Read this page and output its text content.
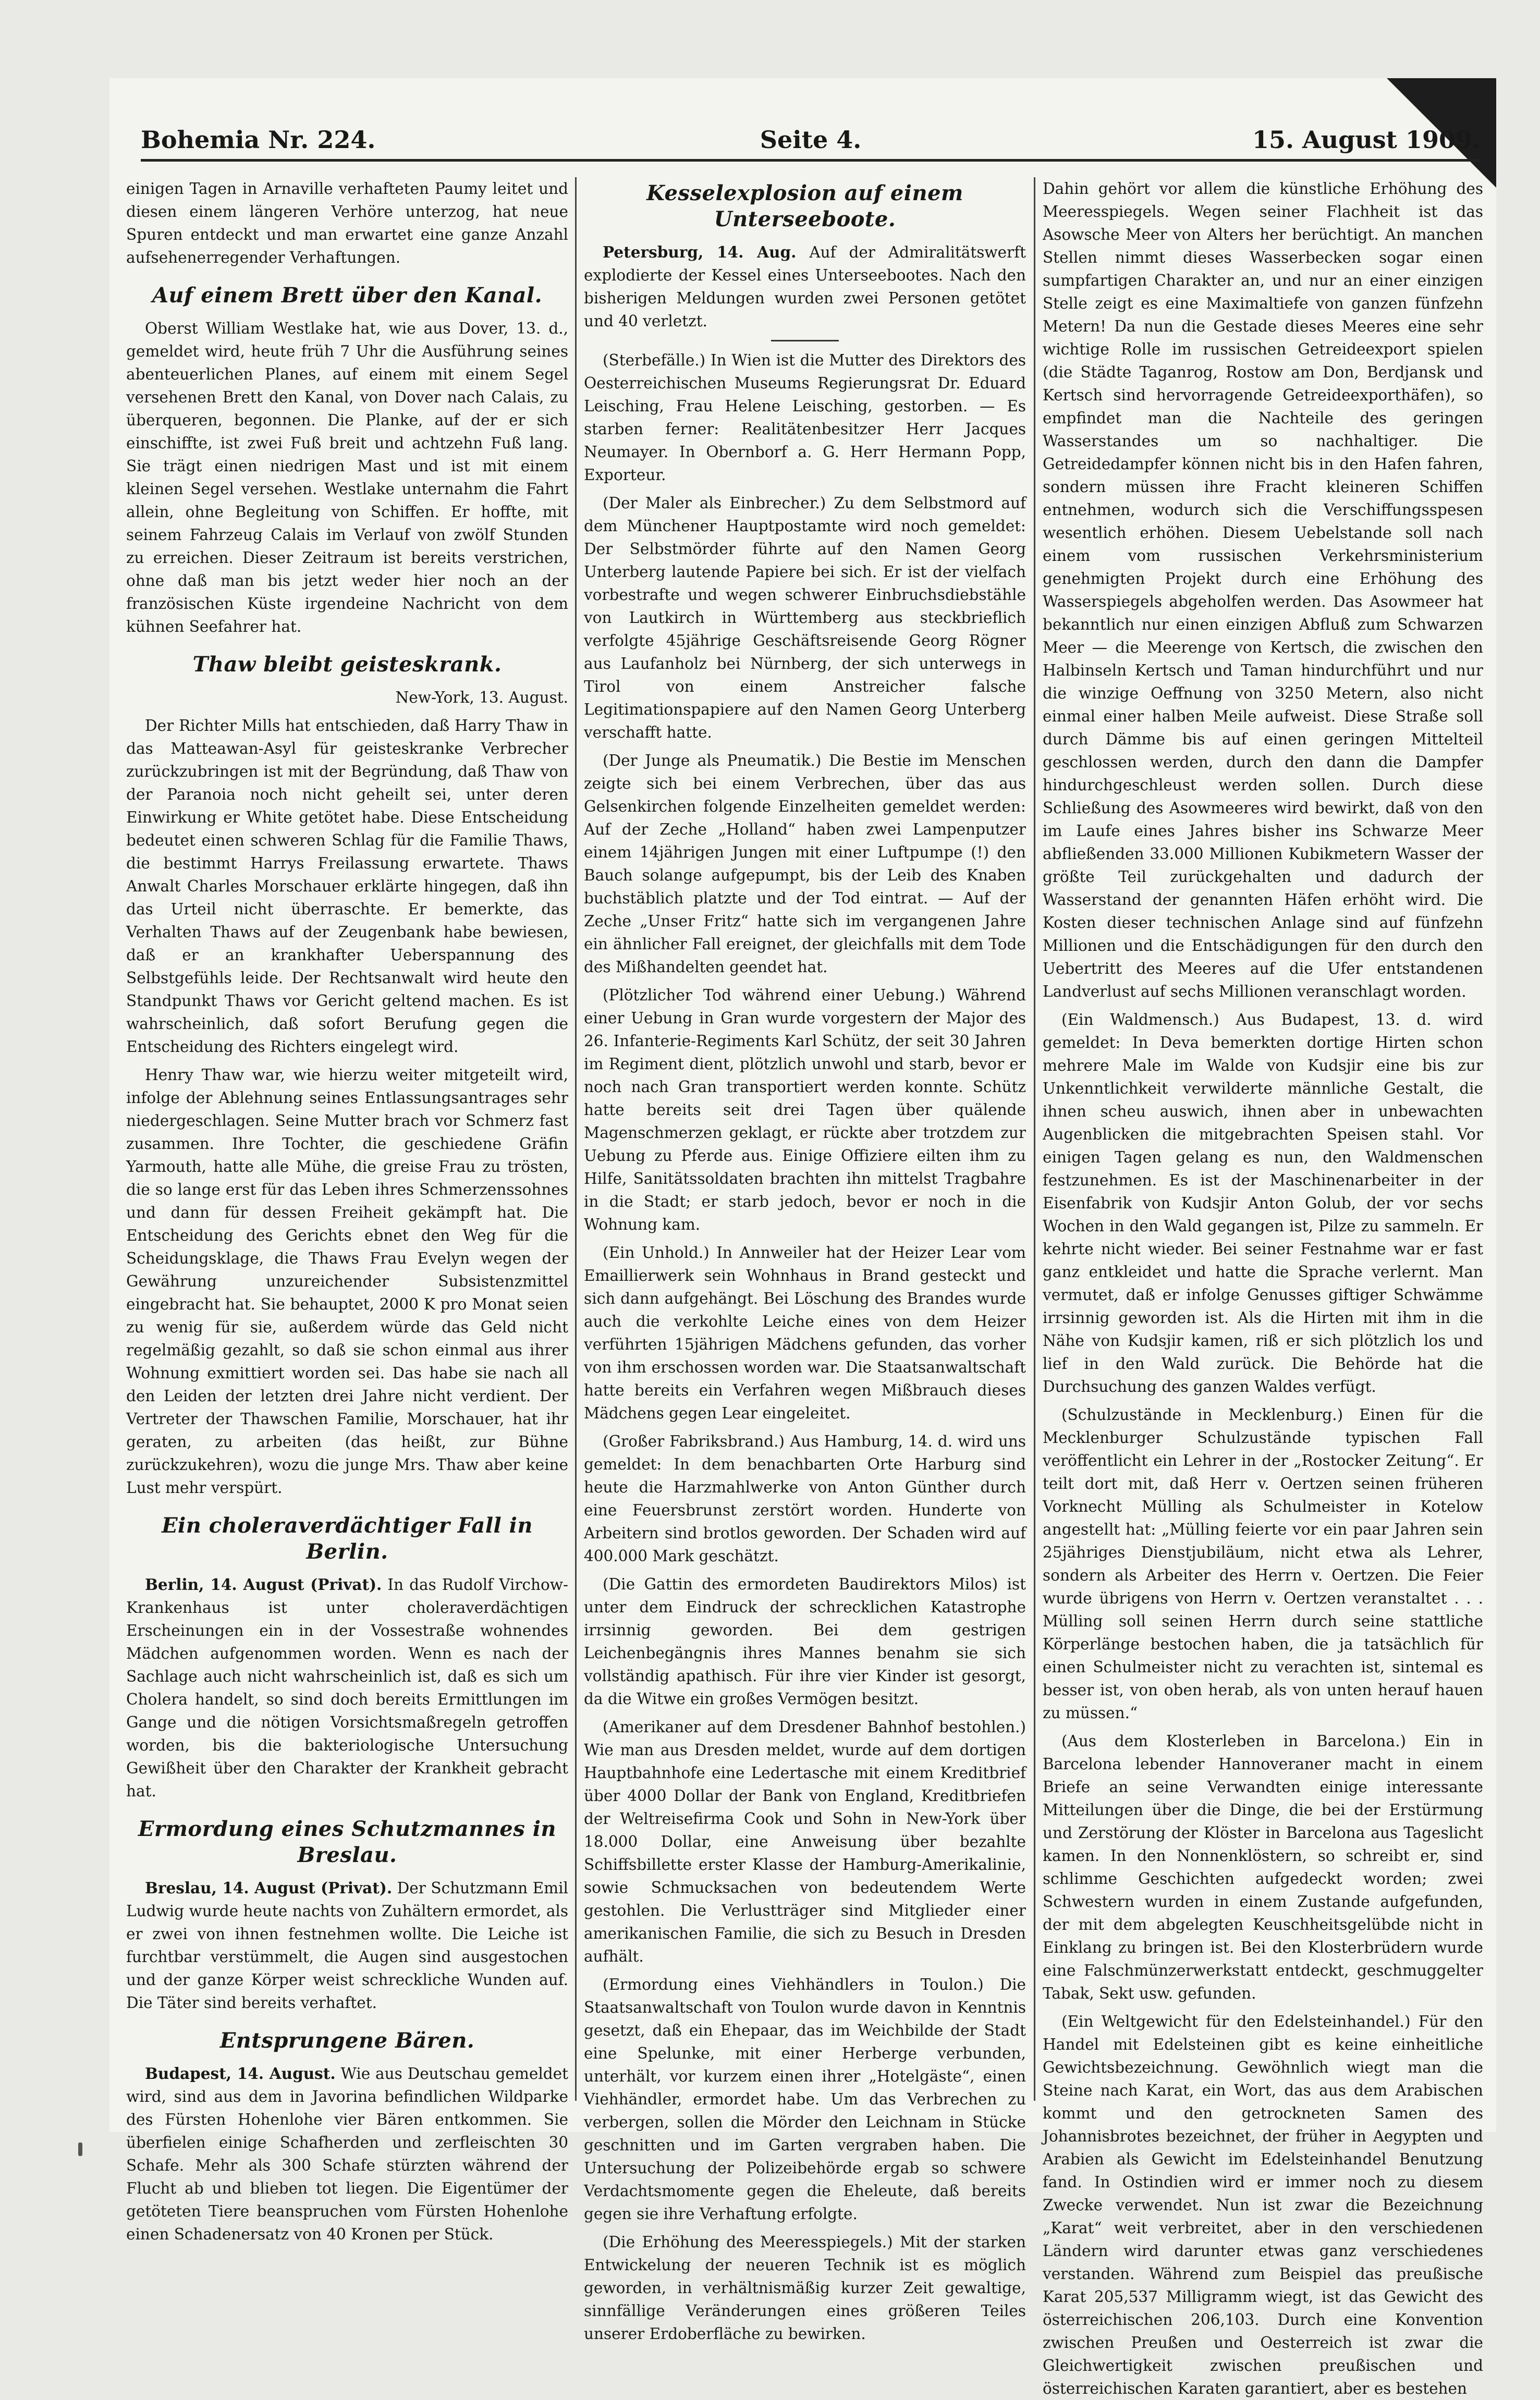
Bohemia Nr. 224.	Seite 4.	15. August 1909.

einigen Tagen in Arnaville verhafteten Paumy leitet und diesen einem längeren Verhöre unterzog, hat neue Spuren entdeckt und man erwartet eine ganze Anzahl aufsehenerregender Verhaftungen.

Auf einem Brett über den Kanal.

Oberst William Westlake hat, wie aus Dover, 13. d., gemeldet wird, heute früh 7 Uhr die Ausführung seines abenteuerlichen Planes, auf einem mit einem Segel versehenen Brett den Kanal, von Dover nach Calais, zu überqueren, begonnen. Die Planke, auf der er sich einschiffte, ist zwei Fuß breit und achtzehn Fuß lang. Sie trägt einen niedrigen Mast und ist mit einem kleinen Segel versehen. Westlake unternahm die Fahrt allein, ohne Begleitung von Schiffen. Er hoffte, mit seinem Fahrzeug Calais im Verlauf von zwölf Stunden zu erreichen. Dieser Zeitraum ist bereits verstrichen, ohne daß man bis jetzt weder hier noch an der französischen Küste irgendeine Nachricht von dem kühnen Seefahrer hat.

Thaw bleibt geisteskrank.

New-York, 13. August.

Der Richter Mills hat entschieden, daß Harry Thaw in das Matteawan-Asyl für geisteskranke Verbrecher zurückzubringen ist mit der Begründung, daß Thaw von der Paranoia noch nicht geheilt sei, unter deren Einwirkung er White getötet habe. Diese Entscheidung bedeutet einen schweren Schlag für die Familie Thaws, die bestimmt Harrys Freilassung erwartete. Thaws Anwalt Charles Morschauer erklärte hingegen, daß ihn das Urteil nicht überraschte. Er bemerkte, das Verhalten Thaws auf der Zeugenbank habe bewiesen, daß er an krankhafter Ueberspannung des Selbstgefühls leide. Der Rechtsanwalt wird heute den Standpunkt Thaws vor Gericht geltend machen. Es ist wahrscheinlich, daß sofort Berufung gegen die Entscheidung des Richters eingelegt wird.

Henry Thaw war, wie hierzu weiter mitgeteilt wird, infolge der Ablehnung seines Entlassungsantrages sehr niedergeschlagen. Seine Mutter brach vor Schmerz fast zusammen. Ihre Tochter, die geschiedene Gräfin Yarmouth, hatte alle Mühe, die greise Frau zu trösten, die so lange erst für das Leben ihres Schmerzenssohnes und dann für dessen Freiheit gekämpft hat. Die Entscheidung des Gerichts ebnet den Weg für die Scheidungsklage, die Thaws Frau Evelyn wegen der Gewährung unzureichender Subsistenzmittel eingebracht hat. Sie behauptet, 2000 K pro Monat seien zu wenig für sie, außerdem würde das Geld nicht regelmäßig gezahlt, so daß sie schon einmal aus ihrer Wohnung exmittiert worden sei. Das habe sie nach all den Leiden der letzten drei Jahre nicht verdient. Der Vertreter der Thawschen Familie, Morschauer, hat ihr geraten, zu arbeiten (das heißt, zur Bühne zurückzukehren), wozu die junge Mrs. Thaw aber keine Lust mehr verspürt.

Ein choleraverdächtiger Fall in Berlin.

Berlin, 14. August (Privat). In das Rudolf Virchow-Krankenhaus ist unter choleraverdächtigen Erscheinungen ein in der Vossestraße wohnendes Mädchen aufgenommen worden. Wenn es nach der Sachlage auch nicht wahrscheinlich ist, daß es sich um Cholera handelt, so sind doch bereits Ermittlungen im Gange und die nötigen Vorsichtsmaßregeln getroffen worden, bis die bakteriologische Untersuchung Gewißheit über den Charakter der Krankheit gebracht hat.

Ermordung eines Schutzmannes in Breslau.

Breslau, 14. August (Privat). Der Schutzmann Emil Ludwig wurde heute nachts von Zuhältern ermordet, als er zwei von ihnen festnehmen wollte. Die Leiche ist furchtbar verstümmelt, die Augen sind ausgestochen und der ganze Körper weist schreckliche Wunden auf. Die Täter sind bereits verhaftet.

Entsprungene Bären.

Budapest, 14. August. Wie aus Deutschau gemeldet wird, sind aus dem in Javorina befindlichen Wildparke des Fürsten Hohenlohe vier Bären entkommen. Sie überfielen einige Schafherden und zerfleischten 30 Schafe. Mehr als 300 Schafe stürzten während der Flucht ab und blieben tot liegen. Die Eigentümer der getöteten Tiere beanspruchen vom Fürsten Hohenlohe einen Schadenersatz von 40 Kronen per Stück.

Kesselexplosion auf einem Unterseeboote.

Petersburg, 14. Aug. Auf der Admiralitätswerft explodierte der Kessel eines Unterseebootes. Nach den bisherigen Meldungen wurden zwei Personen getötet und 40 verletzt.

(Sterbefälle.) In Wien ist die Mutter des Direktors des Oesterreichischen Museums Regierungsrat Dr. Eduard Leisching, Frau Helene Leisching, gestorben. — Es starben ferner: Realitätenbesitzer Herr Jacques Neumayer. In Obernborf a. G. Herr Hermann Popp, Exporteur.

(Der Maler als Einbrecher.) Zu dem Selbstmord auf dem Münchener Hauptpostamte wird noch gemeldet: Der Selbstmörder führte auf den Namen Georg Unterberg lautende Papiere bei sich. Er ist der vielfach vorbestrafte und wegen schwerer Einbruchsdiebstähle von Lautkirch in Württemberg aus steckbrieflich verfolgte 45jährige Geschäftsreisende Georg Rögner aus Laufanholz bei Nürnberg, der sich unterwegs in Tirol von einem Anstreicher falsche Legitimationspapiere auf den Namen Georg Unterberg verschafft hatte.

(Der Junge als Pneumatik.) Die Bestie im Menschen zeigte sich bei einem Verbrechen, über das aus Gelsenkirchen folgende Einzelheiten gemeldet werden: Auf der Zeche „Holland“ haben zwei Lampenputzer einem 14jährigen Jungen mit einer Luftpumpe (!) den Bauch solange aufgepumpt, bis der Leib des Knaben buchstäblich platzte und der Tod eintrat. — Auf der Zeche „Unser Fritz“ hatte sich im vergangenen Jahre ein ähnlicher Fall ereignet, der gleichfalls mit dem Tode des Mißhandelten geendet hat.

(Plötzlicher Tod während einer Uebung.) Während einer Uebung in Gran wurde vorgestern der Major des 26. Infanterie-Regiments Karl Schütz, der seit 30 Jahren im Regiment dient, plötzlich unwohl und starb, bevor er noch nach Gran transportiert werden konnte. Schütz hatte bereits seit drei Tagen über quälende Magenschmerzen geklagt, er rückte aber trotzdem zur Uebung zu Pferde aus. Einige Offiziere eilten ihm zu Hilfe, Sanitätssoldaten brachten ihn mittelst Tragbahre in die Stadt; er starb jedoch, bevor er noch in die Wohnung kam.

(Ein Unhold.) In Annweiler hat der Heizer Lear vom Emaillierwerk sein Wohnhaus in Brand gesteckt und sich dann aufgehängt. Bei Löschung des Brandes wurde auch die verkohlte Leiche eines von dem Heizer verführten 15jährigen Mädchens gefunden, das vorher von ihm erschossen worden war. Die Staatsanwaltschaft hatte bereits ein Verfahren wegen Mißbrauch dieses Mädchens gegen Lear eingeleitet.

(Großer Fabriksbrand.) Aus Hamburg, 14. d. wird uns gemeldet: In dem benachbarten Orte Harburg sind heute die Harzmahlwerke von Anton Günther durch eine Feuersbrunst zerstört worden. Hunderte von Arbeitern sind brotlos geworden. Der Schaden wird auf 400.000 Mark geschätzt.

(Die Gattin des ermordeten Baudirektors Milos) ist unter dem Eindruck der schrecklichen Katastrophe irrsinnig geworden. Bei dem gestrigen Leichenbegängnis ihres Mannes benahm sie sich vollständig apathisch. Für ihre vier Kinder ist gesorgt, da die Witwe ein großes Vermögen besitzt.

(Amerikaner auf dem Dresdener Bahnhof bestohlen.) Wie man aus Dresden meldet, wurde auf dem dortigen Hauptbahnhofe eine Ledertasche mit einem Kreditbrief über 4000 Dollar der Bank von England, Kreditbriefen der Weltreisefirma Cook und Sohn in New-York über 18.000 Dollar, eine Anweisung über bezahlte Schiffsbillette erster Klasse der Hamburg-Amerikalinie, sowie Schmucksachen von bedeutendem Werte gestohlen. Die Verlustträger sind Mitglieder einer amerikanischen Familie, die sich zu Besuch in Dresden aufhält.

(Ermordung eines Viehhändlers in Toulon.) Die Staatsanwaltschaft von Toulon wurde davon in Kenntnis gesetzt, daß ein Ehepaar, das im Weichbilde der Stadt eine Spelunke, mit einer Herberge verbunden, unterhält, vor kurzem einen ihrer „Hotelgäste“, einen Viehhändler, ermordet habe. Um das Verbrechen zu verbergen, sollen die Mörder den Leichnam in Stücke geschnitten und im Garten vergraben haben. Die Untersuchung der Polizeibehörde ergab so schwere Verdachtsmomente gegen die Eheleute, daß bereits gegen sie ihre Verhaftung erfolgte.

(Die Erhöhung des Meeresspiegels.) Mit der starken Entwickelung der neueren Technik ist es möglich geworden, in verhältnismäßig kurzer Zeit gewaltige, sinnfällige Veränderungen eines größeren Teiles unserer Erdoberfläche zu bewirken.

Dahin gehört vor allem die künstliche Erhöhung des Meeresspiegels. Wegen seiner Flachheit ist das Asowsche Meer von Alters her berüchtigt. An manchen Stellen nimmt dieses Wasserbecken sogar einen sumpfartigen Charakter an, und nur an einer einzigen Stelle zeigt es eine Maximaltiefe von ganzen fünfzehn Metern! Da nun die Gestade dieses Meeres eine sehr wichtige Rolle im russischen Getreideexport spielen (die Städte Taganrog, Rostow am Don, Berdjansk und Kertsch sind hervorragende Getreideexporthäfen), so empfindet man die Nachteile des geringen Wasserstandes um so nachhaltiger. Die Getreidedampfer können nicht bis in den Hafen fahren, sondern müssen ihre Fracht kleineren Schiffen entnehmen, wodurch sich die Verschiffungsspesen wesentlich erhöhen. Diesem Uebelstande soll nach einem vom russischen Verkehrsministerium genehmigten Projekt durch eine Erhöhung des Wasserspiegels abgeholfen werden. Das Asowmeer hat bekanntlich nur einen einzigen Abfluß zum Schwarzen Meer — die Meerenge von Kertsch, die zwischen den Halbinseln Kertsch und Taman hindurchführt und nur die winzige Oeffnung von 3250 Metern, also nicht einmal einer halben Meile aufweist. Diese Straße soll durch Dämme bis auf einen geringen Mittelteil geschlossen werden, durch den dann die Dampfer hindurchgeschleust werden sollen. Durch diese Schließung des Asowmeeres wird bewirkt, daß von den im Laufe eines Jahres bisher ins Schwarze Meer abfließenden 33.000 Millionen Kubikmetern Wasser der größte Teil zurückgehalten und dadurch der Wasserstand der genannten Häfen erhöht wird. Die Kosten dieser technischen Anlage sind auf fünfzehn Millionen und die Entschädigungen für den durch den Uebertritt des Meeres auf die Ufer entstandenen Landverlust auf sechs Millionen veranschlagt worden.

(Ein Waldmensch.) Aus Budapest, 13. d. wird gemeldet: In Deva bemerkten dortige Hirten schon mehrere Male im Walde von Kudsjir eine bis zur Unkenntlichkeit verwilderte männliche Gestalt, die ihnen scheu auswich, ihnen aber in unbewachten Augenblicken die mitgebrachten Speisen stahl. Vor einigen Tagen gelang es nun, den Waldmenschen festzunehmen. Es ist der Maschinenarbeiter in der Eisenfabrik von Kudsjir Anton Golub, der vor sechs Wochen in den Wald gegangen ist, Pilze zu sammeln. Er kehrte nicht wieder. Bei seiner Festnahme war er fast ganz entkleidet und hatte die Sprache verlernt. Man vermutet, daß er infolge Genusses giftiger Schwämme irrsinnig geworden ist. Als die Hirten mit ihm in die Nähe von Kudsjir kamen, riß er sich plötzlich los und lief in den Wald zurück. Die Behörde hat die Durchsuchung des ganzen Waldes verfügt.

(Schulzustände in Mecklenburg.) Einen für die Mecklenburger Schulzustände typischen Fall veröffentlicht ein Lehrer in der „Rostocker Zeitung“. Er teilt dort mit, daß Herr v. Oertzen seinen früheren Vorknecht Mülling als Schulmeister in Kotelow angestellt hat: „Mülling feierte vor ein paar Jahren sein 25jähriges Dienstjubiläum, nicht etwa als Lehrer, sondern als Arbeiter des Herrn v. Oertzen. Die Feier wurde übrigens von Herrn v. Oertzen veranstaltet . . . Mülling soll seinen Herrn durch seine stattliche Körperlänge bestochen haben, die ja tatsächlich für einen Schulmeister nicht zu verachten ist, sintemal es besser ist, von oben herab, als von unten herauf hauen zu müssen.“

(Aus dem Klosterleben in Barcelona.) Ein in Barcelona lebender Hannoveraner macht in einem Briefe an seine Verwandten einige interessante Mitteilungen über die Dinge, die bei der Erstürmung und Zerstörung der Klöster in Barcelona aus Tageslicht kamen. In den Nonnenklöstern, so schreibt er, sind schlimme Geschichten aufgedeckt worden; zwei Schwestern wurden in einem Zustande aufgefunden, der mit dem abgelegten Keuschheitsgelübde nicht in Einklang zu bringen ist. Bei den Klosterbrüdern wurde eine Falschmünzerwerkstatt entdeckt, geschmuggelter Tabak, Sekt usw. gefunden.

(Ein Weltgewicht für den Edelsteinhandel.) Für den Handel mit Edelsteinen gibt es keine einheitliche Gewichtsbezeichnung. Gewöhnlich wiegt man die Steine nach Karat, ein Wort, das aus dem Arabischen kommt und den getrockneten Samen des Johannisbrotes bezeichnet, der früher in Aegypten und Arabien als Gewicht im Edelsteinhandel Benutzung fand. In Ostindien wird er immer noch zu diesem Zwecke verwendet. Nun ist zwar die Bezeichnung „Karat“ weit verbreitet, aber in den verschiedenen Ländern wird darunter etwas ganz verschiedenes verstanden. Während zum Beispiel das preußische Karat 205,537 Milligramm wiegt, ist das Gewicht des österreichischen 206,103. Durch eine Konvention zwischen Preußen und Oesterreich ist zwar die Gleichwertigkeit zwischen preußischen und österreichischen Karaten garantiert, aber es bestehen
